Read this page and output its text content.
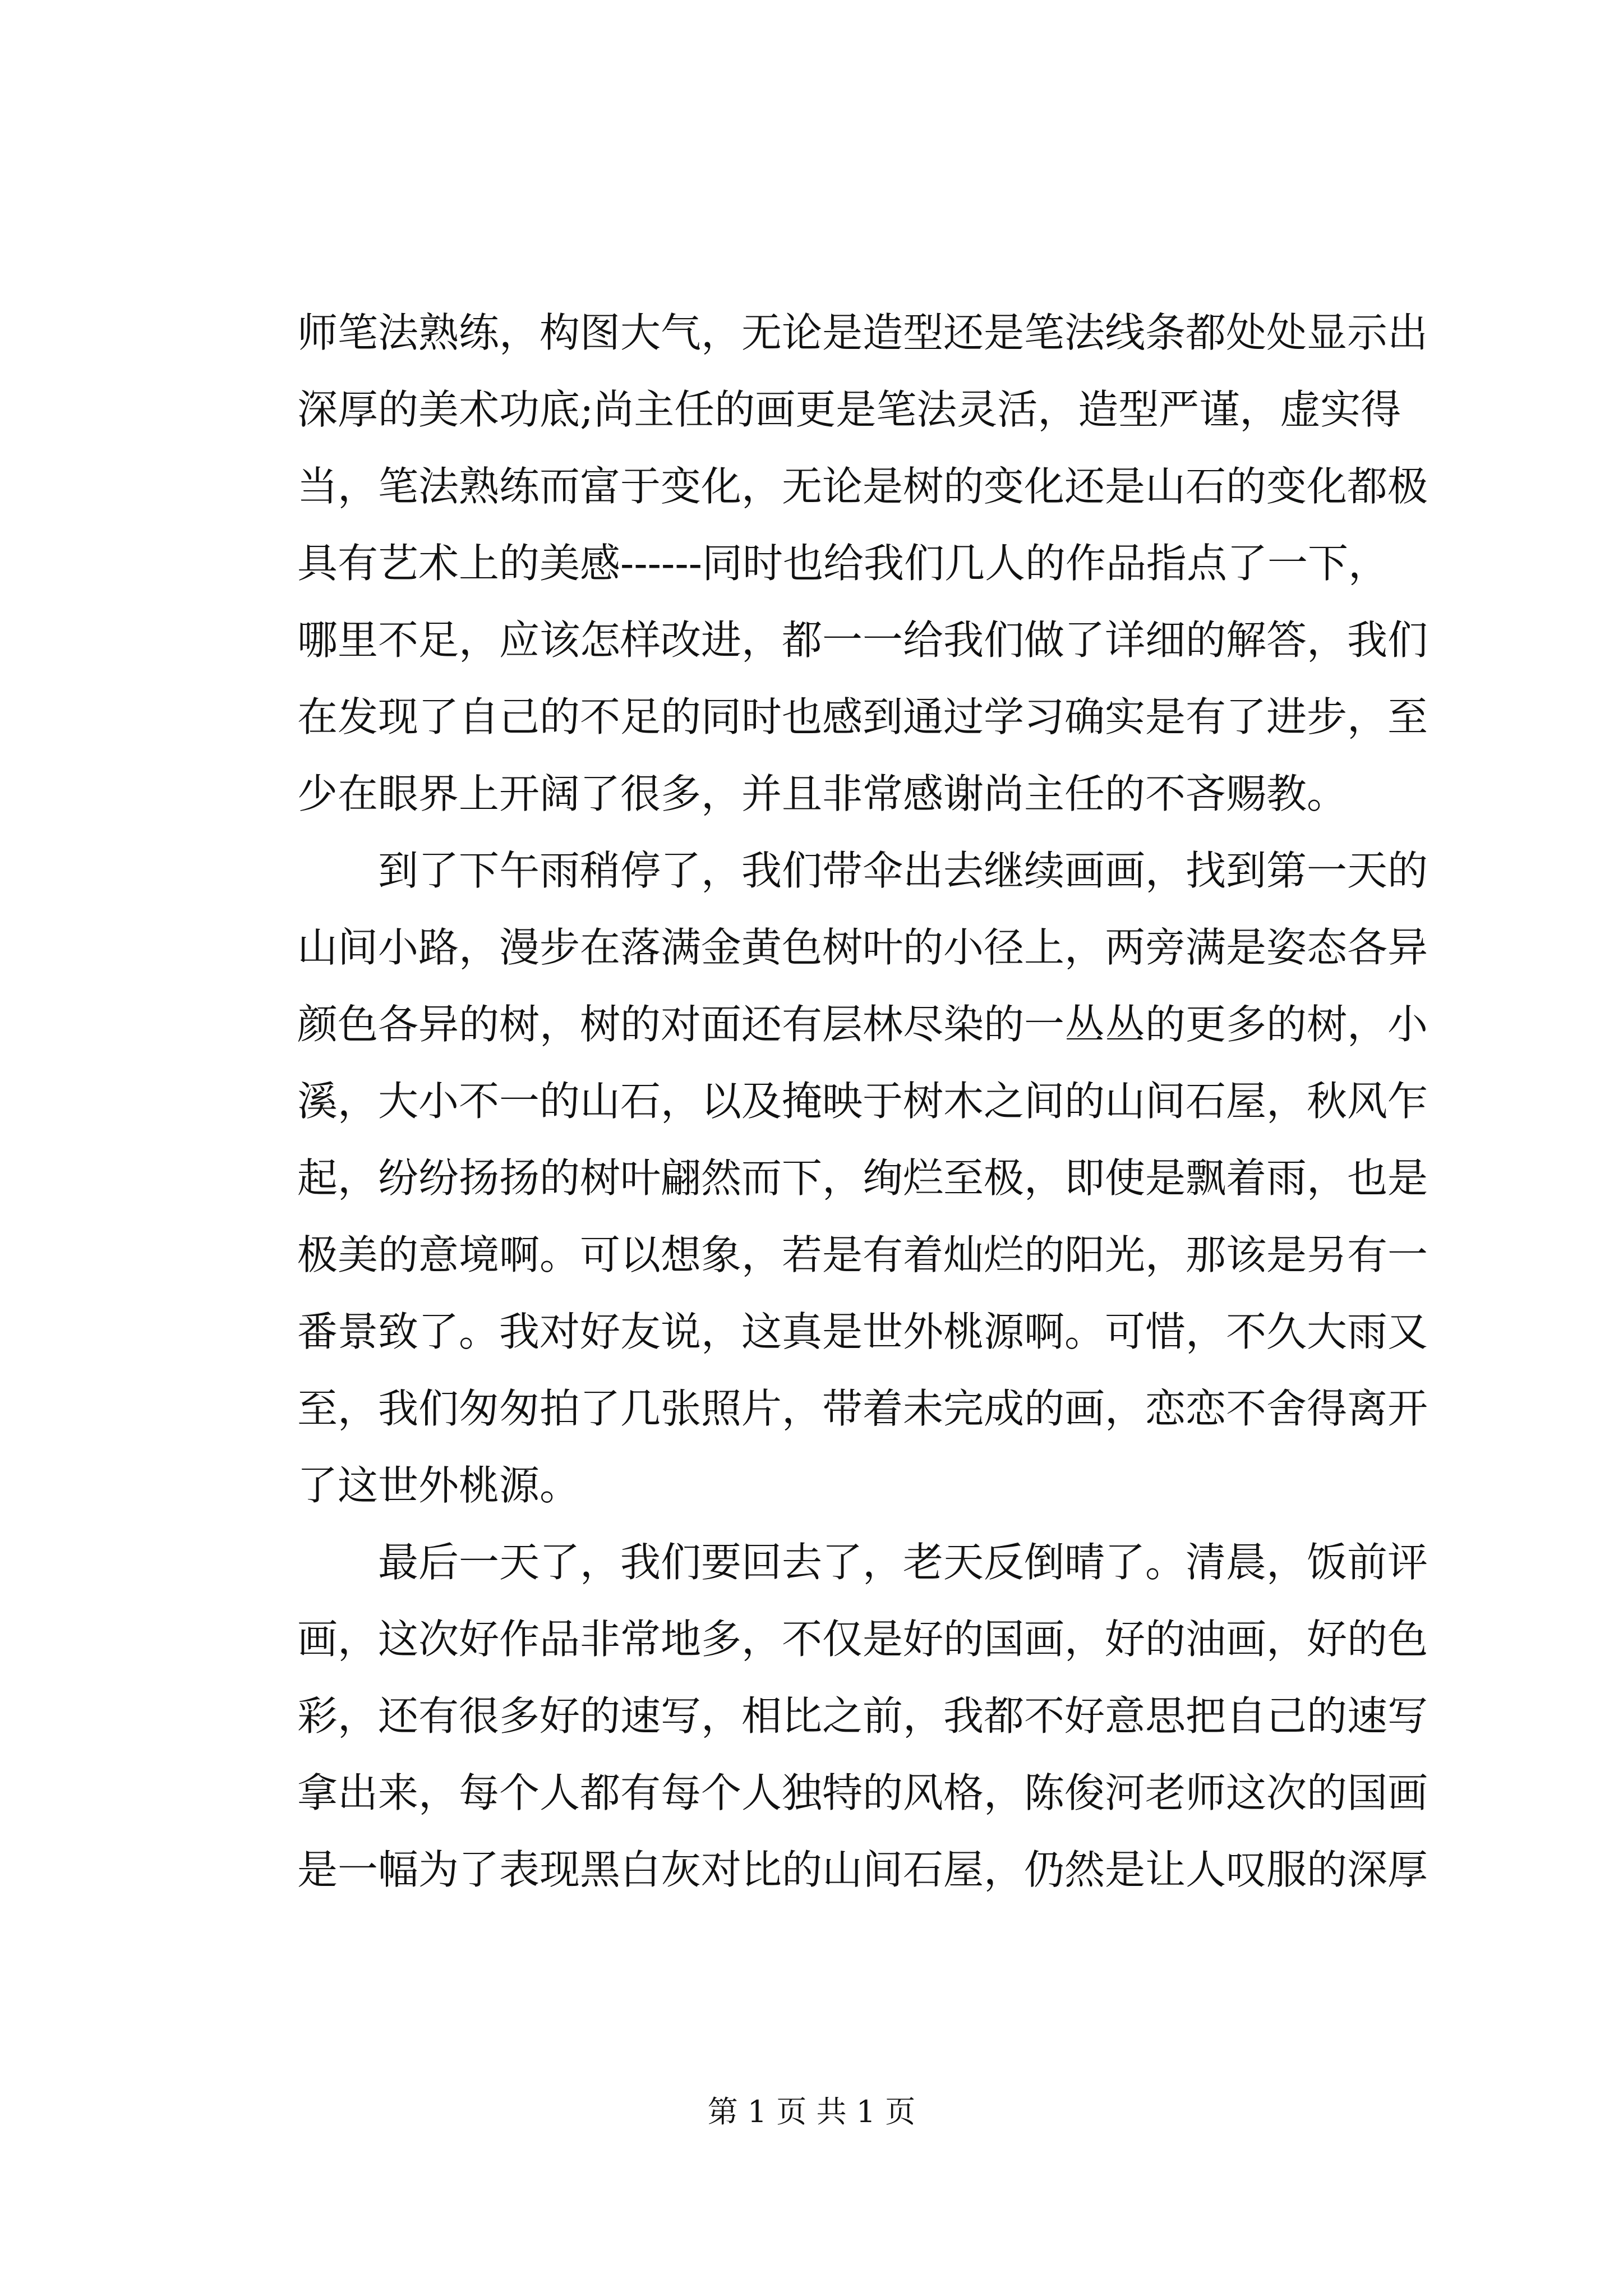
师笔法熟练，构图大气，无论是造型还是笔法线条都处处显示出
深厚的美术功底;尚主任的画更是笔法灵活，造型严谨，虚实得
当，笔法熟练而富于变化，无论是树的变化还是山石的变化都极
具有艺术上的美感------同时也给我们几人的作品指点了一下，
哪里不足，应该怎样改进，都一一给我们做了详细的解答，我们
在发现了自己的不足的同时也感到通过学习确实是有了进步，至
少在眼界上开阔了很多，并且非常感谢尚主任的不吝赐教。
　　到了下午雨稍停了，我们带伞出去继续画画，找到第一天的
山间小路，漫步在落满金黄色树叶的小径上，两旁满是姿态各异
颜色各异的树，树的对面还有层林尽染的一丛丛的更多的树，小
溪，大小不一的山石，以及掩映于树木之间的山间石屋，秋风乍
起，纷纷扬扬的树叶翩然而下，绚烂至极，即使是飘着雨，也是
极美的意境啊。可以想象，若是有着灿烂的阳光，那该是另有一
番景致了。我对好友说，这真是世外桃源啊。可惜，不久大雨又
至，我们匆匆拍了几张照片，带着未完成的画，恋恋不舍得离开
了这世外桃源。
　　最后一天了，我们要回去了，老天反倒晴了。清晨，饭前评
画，这次好作品非常地多，不仅是好的国画，好的油画，好的色
彩，还有很多好的速写，相比之前，我都不好意思把自己的速写
拿出来，每个人都有每个人独特的风格，陈俊河老师这次的国画
是一幅为了表现黑白灰对比的山间石屋，仍然是让人叹服的深厚
第 1 页 共 1 页
